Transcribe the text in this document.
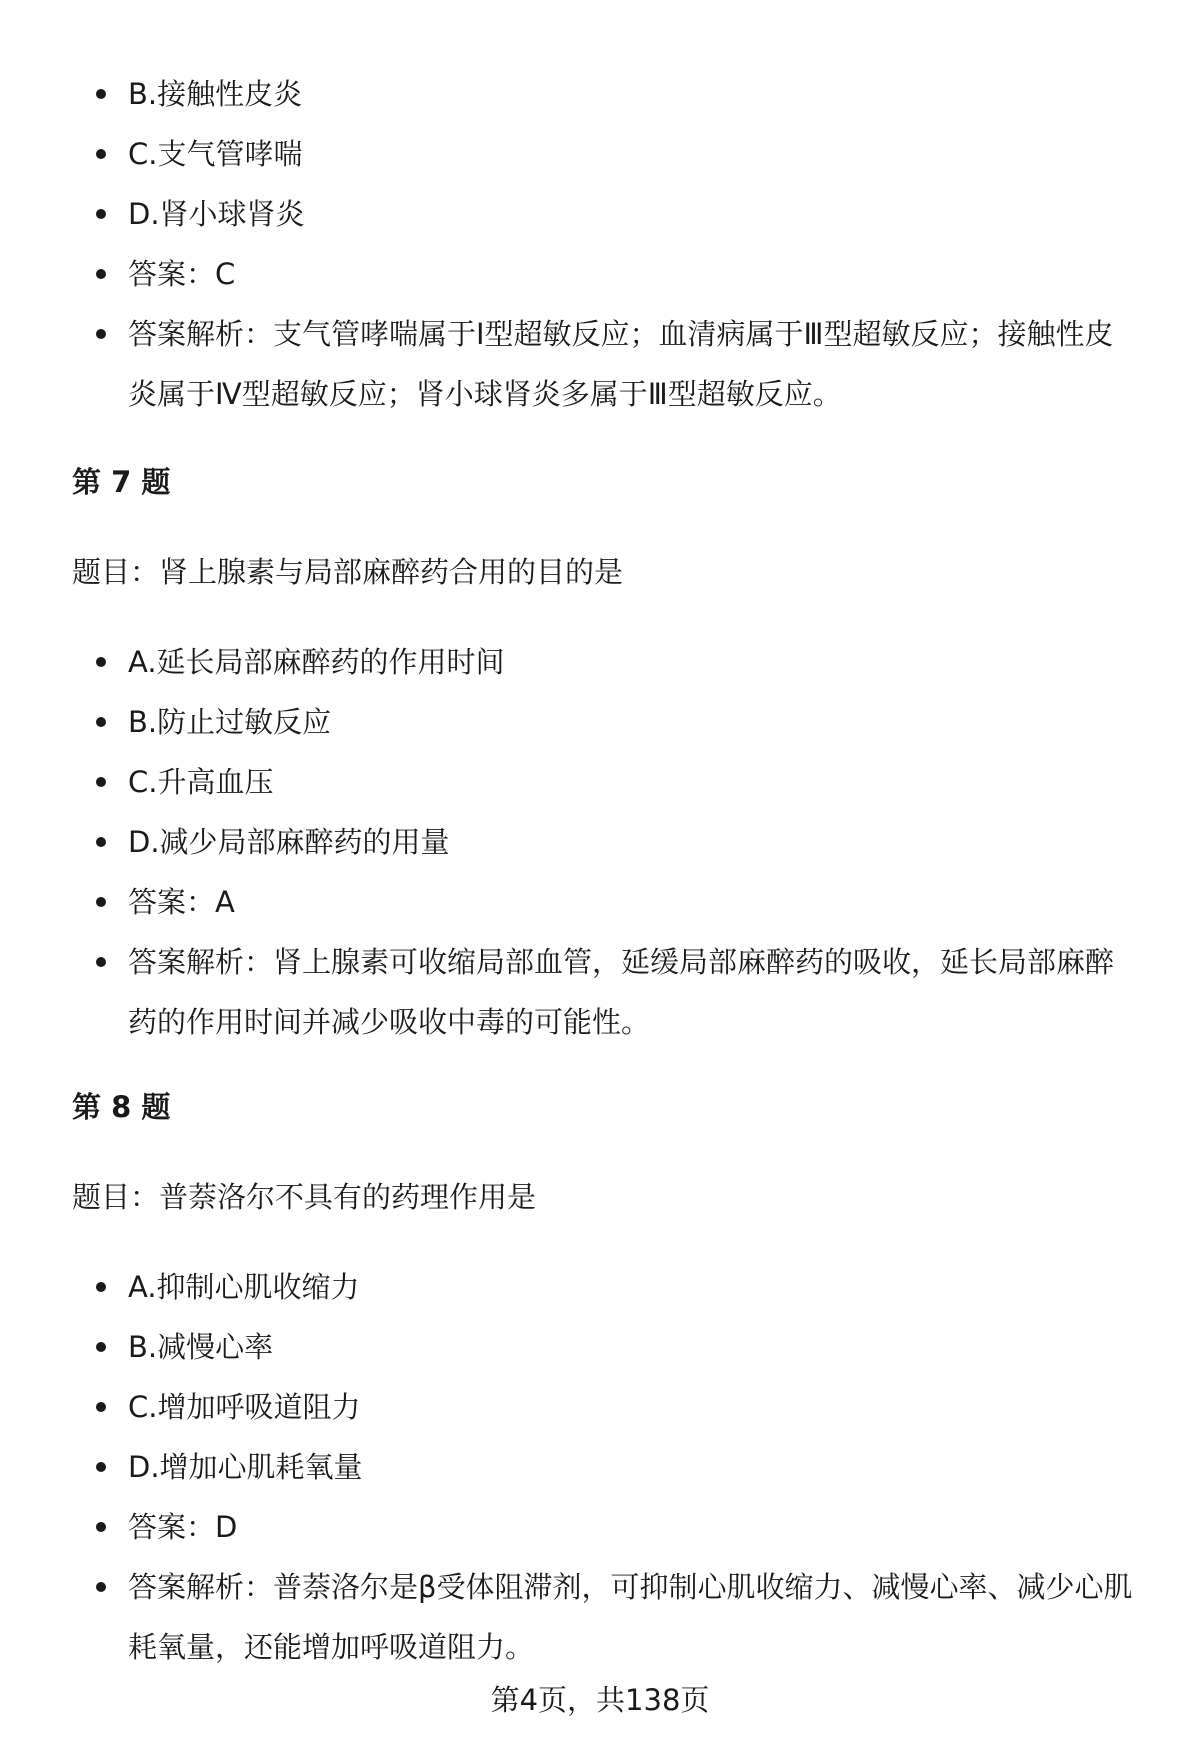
B.接触性皮炎
C.支气管哮喘
D.肾小球肾炎
答案：C
答案解析：支气管哮喘属于Ⅰ型超敏反应；血清病属于Ⅲ型超敏反应；接触性皮炎属于Ⅳ型超敏反应；肾小球肾炎多属于Ⅲ型超敏反应。
第 7 题
题目：肾上腺素与局部麻醉药合用的目的是
A.延长局部麻醉药的作用时间
B.防止过敏反应
C.升高血压
D.减少局部麻醉药的用量
答案：A
答案解析：肾上腺素可收缩局部血管，延缓局部麻醉药的吸收，延长局部麻醉药的作用时间并减少吸收中毒的可能性。
第 8 题
题目：普萘洛尔不具有的药理作用是
A.抑制心肌收缩力
B.减慢心率
C.增加呼吸道阻力
D.增加心肌耗氧量
答案：D
答案解析：普萘洛尔是β受体阻滞剂，可抑制心肌收缩力、减慢心率、减少心肌耗氧量，还能增加呼吸道阻力。
第4页，共138页
